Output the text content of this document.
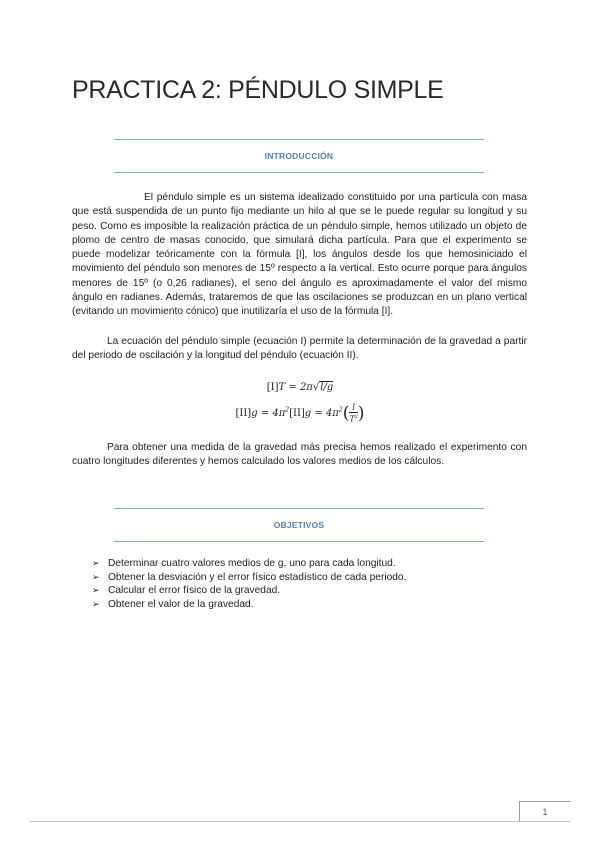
PRACTICA 2: PÉNDULO SIMPLE
INTRODUCCIÓN

El péndulo simple es un sistema idealizado constituido por una partícula con masa que está suspendida de un punto fijo mediante un hilo al que se le puede regular su longitud y su peso. Como es imposible la realización práctica de un péndulo simple, hemos utilizado un objeto de plomo de centro de masas conocido, que simulará dicha partícula. Para que el experimento se puede modelizar teóricamente con la fórmula [I], los ángulos desde los que hemosiniciado el movimiento del péndulo son menores de 15º respecto a la vertical. Esto ocurre porque para ángulos menores de 15º (o 0,26 radianes), el seno del ángulo es aproximadamente el valor del mismo ángulo en radianes. Además, trataremos de que las oscilaciones se produzcan en un plano vertical (evitando un movimiento cónico) que inutilizaría el uso de la fórmula [I].

La ecuación del péndulo simple (ecuación I) permite la determinación de la gravedad a partir del periodo de oscilación y la longitud del péndulo (ecuación II).

[I]T = 2π√l/g
$[II]g = 4\pi^2[II]g = 4\pi^2( \frac{l}{T^2}$ )

Para obtener una medida de la gravedad más precisa hemos realizado el experimento con cuatro longitudes diferentes y hemos calculado los valores medios de los cálculos.

OBJETIVOS
➢ Determinar cuatro valores medios de g, uno para cada longitud.
➢ Obtener la desviación y el error físico estadístico de cada periodo.
➢ Calcular el error físico de la gravedad.
➢ Obtener el valor de la gravedad.
1
